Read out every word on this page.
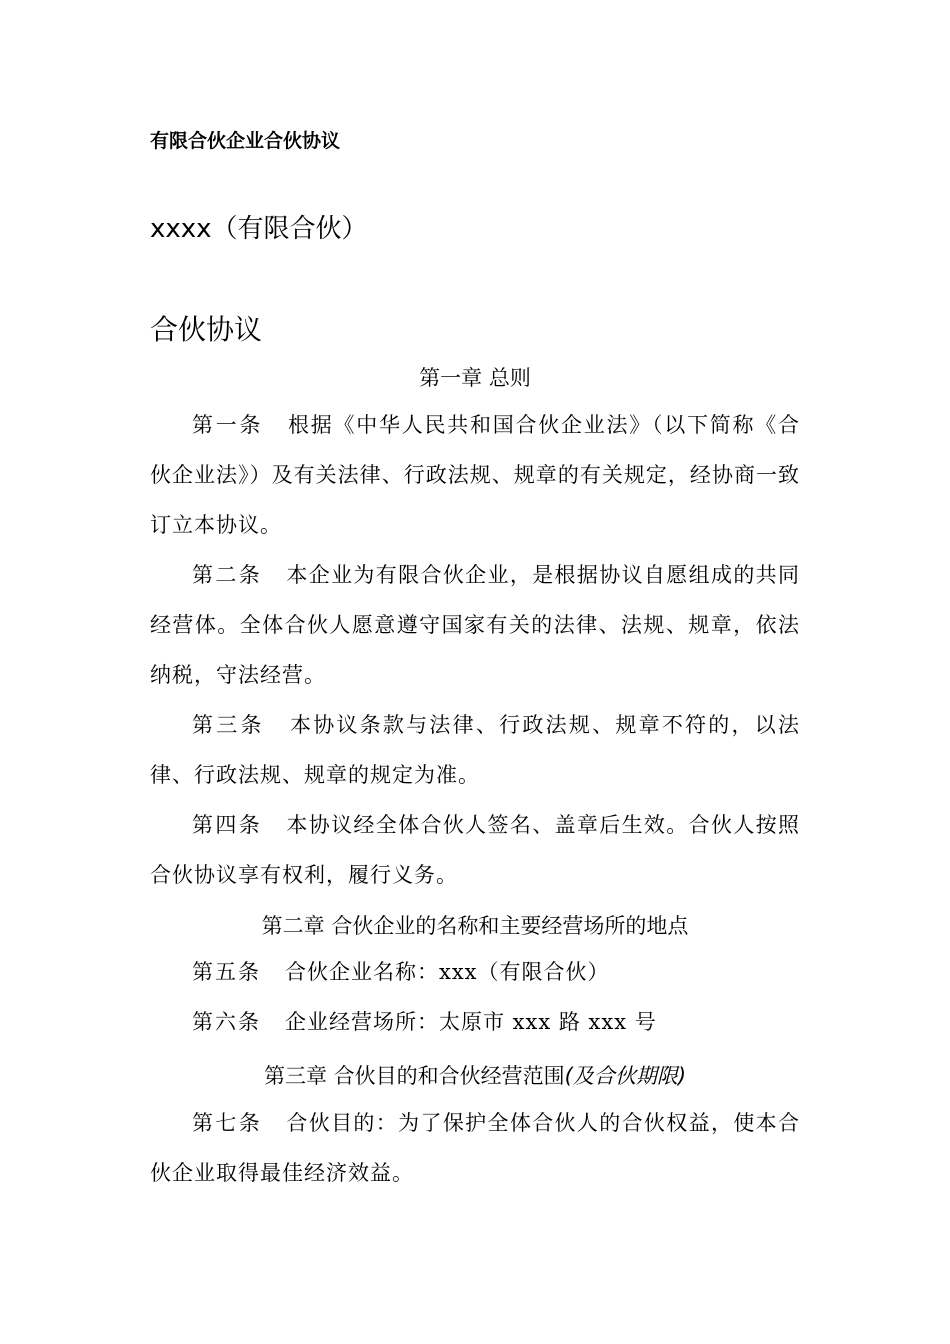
有限合伙企业合伙协议
xxxx（有限合伙）
合伙协议
第一章 总则
第一条 根据《中华人民共和国合伙企业法》（以下简称《合伙企业法》）及有关法律、行政法规、规章的有关规定，经协商一致订立本协议。
第二条 本企业为有限合伙企业，是根据协议自愿组成的共同经营体。全体合伙人愿意遵守国家有关的法律、法规、规章，依法纳税，守法经营。
第三条 本协议条款与法律、行政法规、规章不符的，以法律、行政法规、规章的规定为准。
第四条 本协议经全体合伙人签名、盖章后生效。合伙人按照合伙协议享有权利，履行义务。
第二章 合伙企业的名称和主要经营场所的地点
第五条 合伙企业名称：xxx（有限合伙）
第六条 企业经营场所：太原市 xxx 路 xxx 号
第三章 合伙目的和合伙经营范围(及合伙期限)
第七条 合伙目的：为了保护全体合伙人的合伙权益，使本合伙企业取得最佳经济效益。
